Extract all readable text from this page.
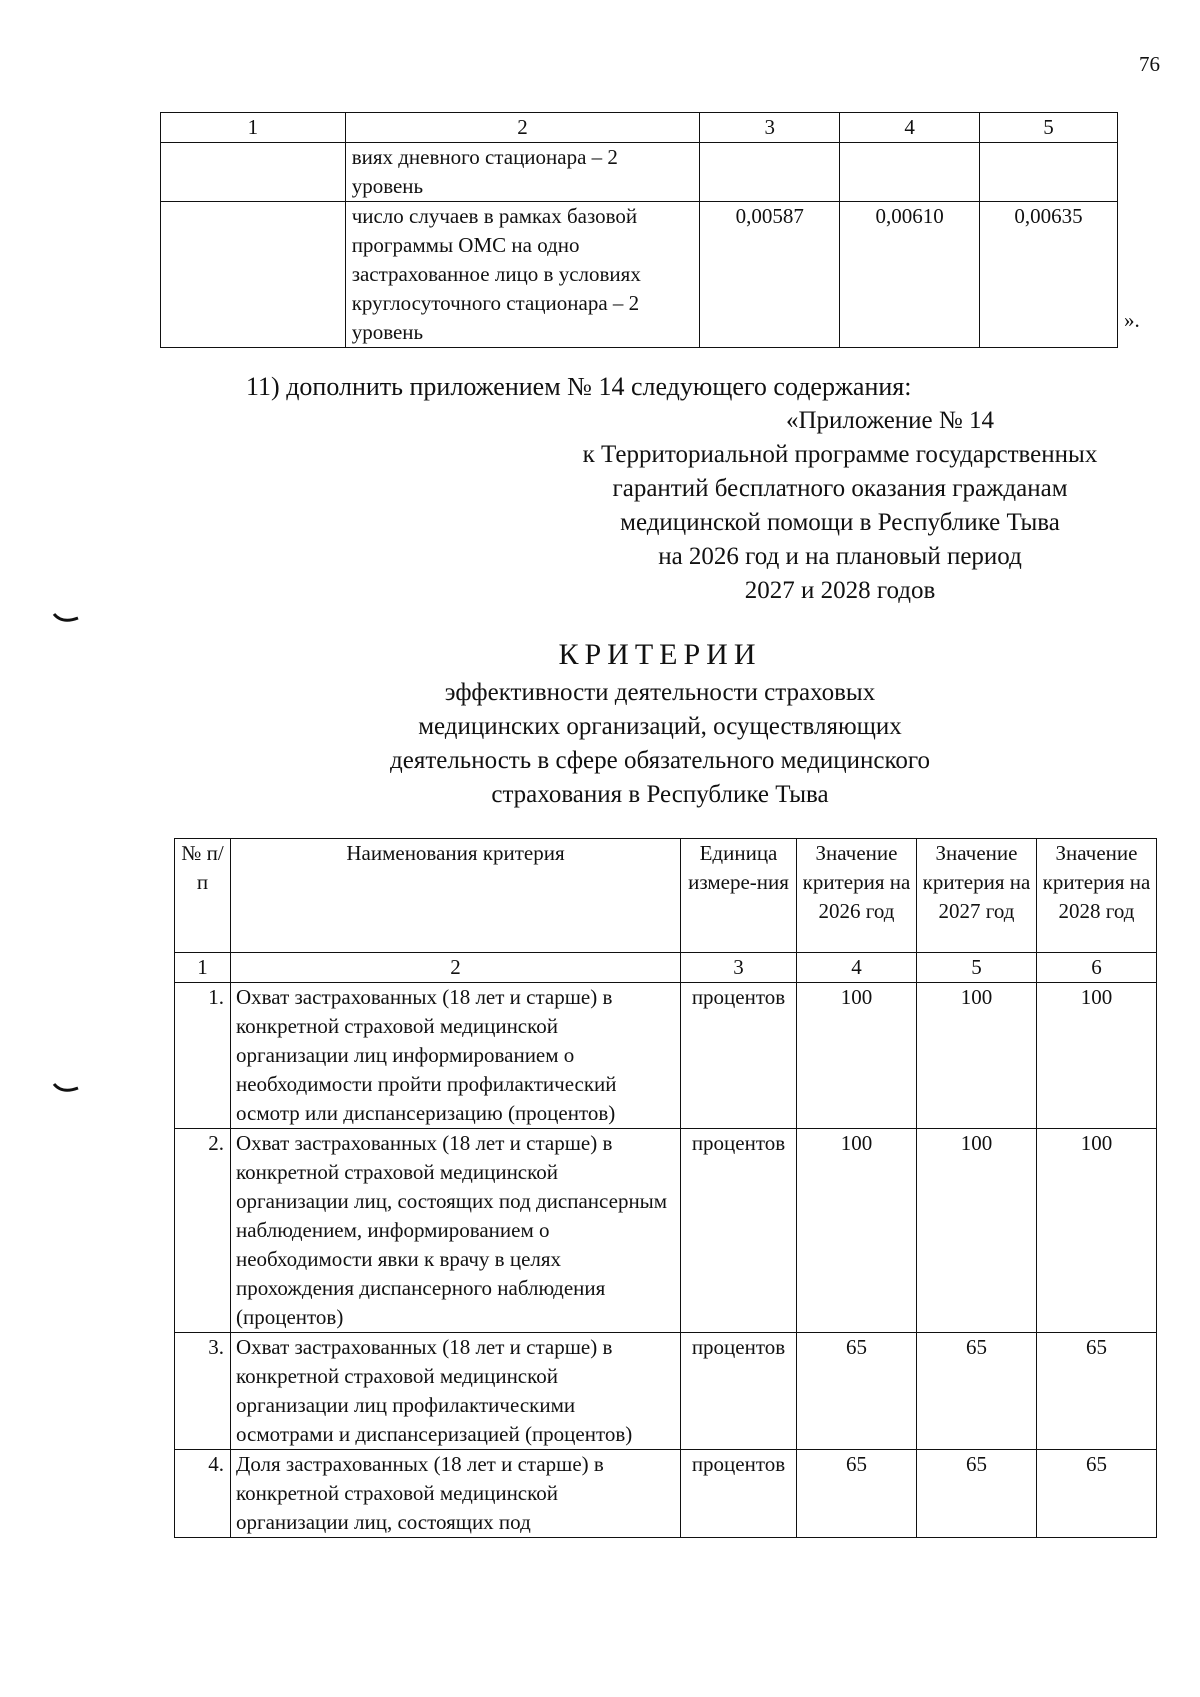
76
1	2	3	4	5
	виях дневного стационара – 2 уровень			
	число случаев в рамках базовой программы ОМС на одно застрахованное лицо в условиях круглосуточного стационара – 2 уровень	0,00587	0,00610	0,00635
».
11) дополнить приложением № 14 следующего содержания:
«Приложение № 14
к Территориальной программе государственных
гарантий бесплатного оказания гражданам
медицинской помощи в Республике Тыва
на 2026 год и на плановый период
2027 и 2028 годов
КРИТЕРИИ
эффективности деятельности страховых
медицинских организаций, осуществляющих
деятельность в сфере обязательного медицинского
страхования в Республике Тыва
№ п/п	Наименования критерия	Единица измере-ния	Значение критерия на 2026 год	Значение критерия на 2027 год	Значение критерия на 2028 год
1	2	3	4	5	6
1.	Охват застрахованных (18 лет и старше) в конкретной страховой медицинской организации лиц информированием о необходимости пройти профилактический осмотр или диспансеризацию (процентов)	процентов	100	100	100
2.	Охват застрахованных (18 лет и старше) в конкретной страховой медицинской организации лиц, состоящих под диспансерным наблюдением, информированием о необходимости явки к врачу в целях прохождения диспансерного наблюдения (процентов)	процентов	100	100	100
3.	Охват застрахованных (18 лет и старше) в конкретной страховой медицинской организации лиц профилактическими осмотрами и диспансеризацией (процентов)	процентов	65	65	65
4.	Доля застрахованных (18 лет и старше) в конкретной страховой медицинской организации лиц, состоящих под	процентов	65	65	65
